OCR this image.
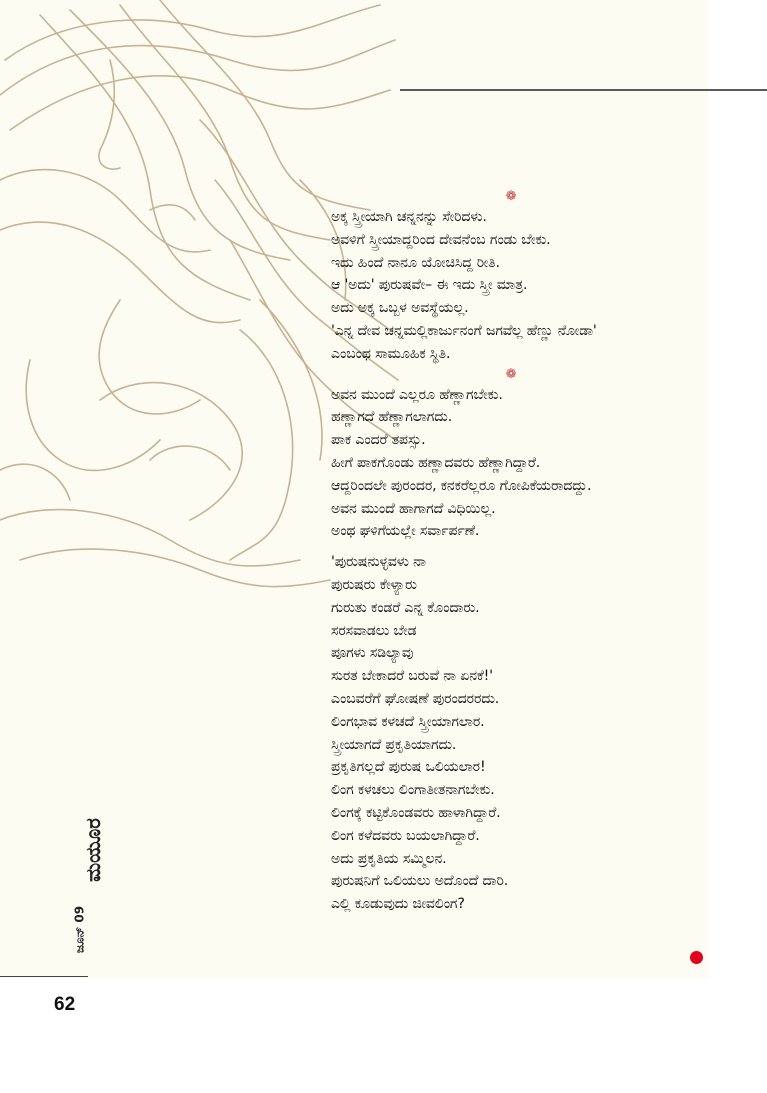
❁
ಅಕ್ಕ ಸ್ತ್ರೀಯಾಗಿ ಚನ್ನನನ್ನು ಸೇರಿದಳು.
ಅವಳಿಗೆ ಸ್ತ್ರೀಯಾದ್ದರಿಂದ ದೇವನೆಂಬ ಗಂಡು ಬೇಕು.
ಇದು ಹಿಂದೆ ನಾನೂ ಯೋಚಿಸಿದ್ದ ರೀತಿ.
ಆ 'ಅದು' ಪುರುಷವೇ– ಈ ಇದು ಸ್ತ್ರೀ ಮಾತ್ರ.
ಅದು ಅಕ್ಕ ಒಬ್ಬಳ ಅವಸ್ಥೆಯಲ್ಲ.
'ಎನ್ನ ದೇವ ಚನ್ನಮಲ್ಲಿಕಾರ್ಜುನಂಗೆ ಜಗವೆಲ್ಲ ಹೆಣ್ಣು ನೋಡಾ'
ಎಂಬಂಥ ಸಾಮೂಹಿಕ ಸ್ಥಿತಿ.
❁
ಅವನ ಮುಂದೆ ಎಲ್ಲರೂ ಹೆಣ್ಣಾಗಬೇಕು.
ಹಣ್ಣಾಗದೆ ಹೆಣ್ಣಾಗಲಾಗದು.
ಪಾಕ ಎಂದರೆ ತಪಸ್ಸು.
ಹೀಗೆ ಪಾಕಗೊಂಡು ಹಣ್ಣಾದವರು ಹೆಣ್ಣಾಗಿದ್ದಾರೆ.
ಆದ್ದರಿಂದಲೇ ಪುರಂದರ, ಕನಕರೆಲ್ಲರೂ ಗೋಪಿಕೆಯರಾದದ್ದು.
ಅವನ ಮುಂದೆ ಹಾಗಾಗದೆ ವಿಧಿಯಿಲ್ಲ.
ಅಂಥ ಘಳಿಗೆಯಲ್ಲೇ ಸರ್ವಾರ್ಪಣೆ.
'ಪುರುಷನುಳ್ಳವಳು ನಾ
ಪುರುಷರು ಕೇಳ್ಯಾರು
ಗುರುತು ಕಂಡರೆ ಎನ್ನ ಕೊಂದಾರು.
ಸರಸವಾಡಲು ಬೇಡ
ಪೂಗಳು ಸಡಿಲ್ಯಾವು
ಸುರತ ಬೇಕಾದರೆ ಬರುವೆ ನಾ ಏನಕೆ!'
ಎಂಬವರೆಗೆ ಘೋಷಣೆ ಪುರಂದರರದು.
ಲಿಂಗಭಾವ ಕಳಚದೆ ಸ್ತ್ರೀಯಾಗಲಾರ.
ಸ್ತ್ರೀಯಾಗದೆ ಪ್ರಕೃತಿಯಾಗದು.
ಪ್ರಕೃತಿಗಲ್ಲದೆ ಪುರುಷ ಒಲಿಯಲಾರ!
ಲಿಂಗ ಕಳಚಲು ಲಿಂಗಾತೀತನಾಗಬೇಕು.
ಲಿಂಗಕ್ಕೆ ಕಟ್ಟಿಕೊಂಡವರು ಹಾಳಾಗಿದ್ದಾರೆ.
ಲಿಂಗ ಕಳೆದವರು ಬಯಲಾಗಿದ್ದಾರೆ.
ಅದು ಪ್ರಕೃತಿಯ ಸಮ್ಮಿಲನ.
ಪುರುಷನಿಗೆ ಒಲಿಯಲು ಅದೊಂದೆ ದಾರಿ.
ಎಲ್ಲಿ ಕೂಡುವುದು ಜೀವಲಿಂಗ?
ಮಯೂರ
ಜೂನ್ 09
62
